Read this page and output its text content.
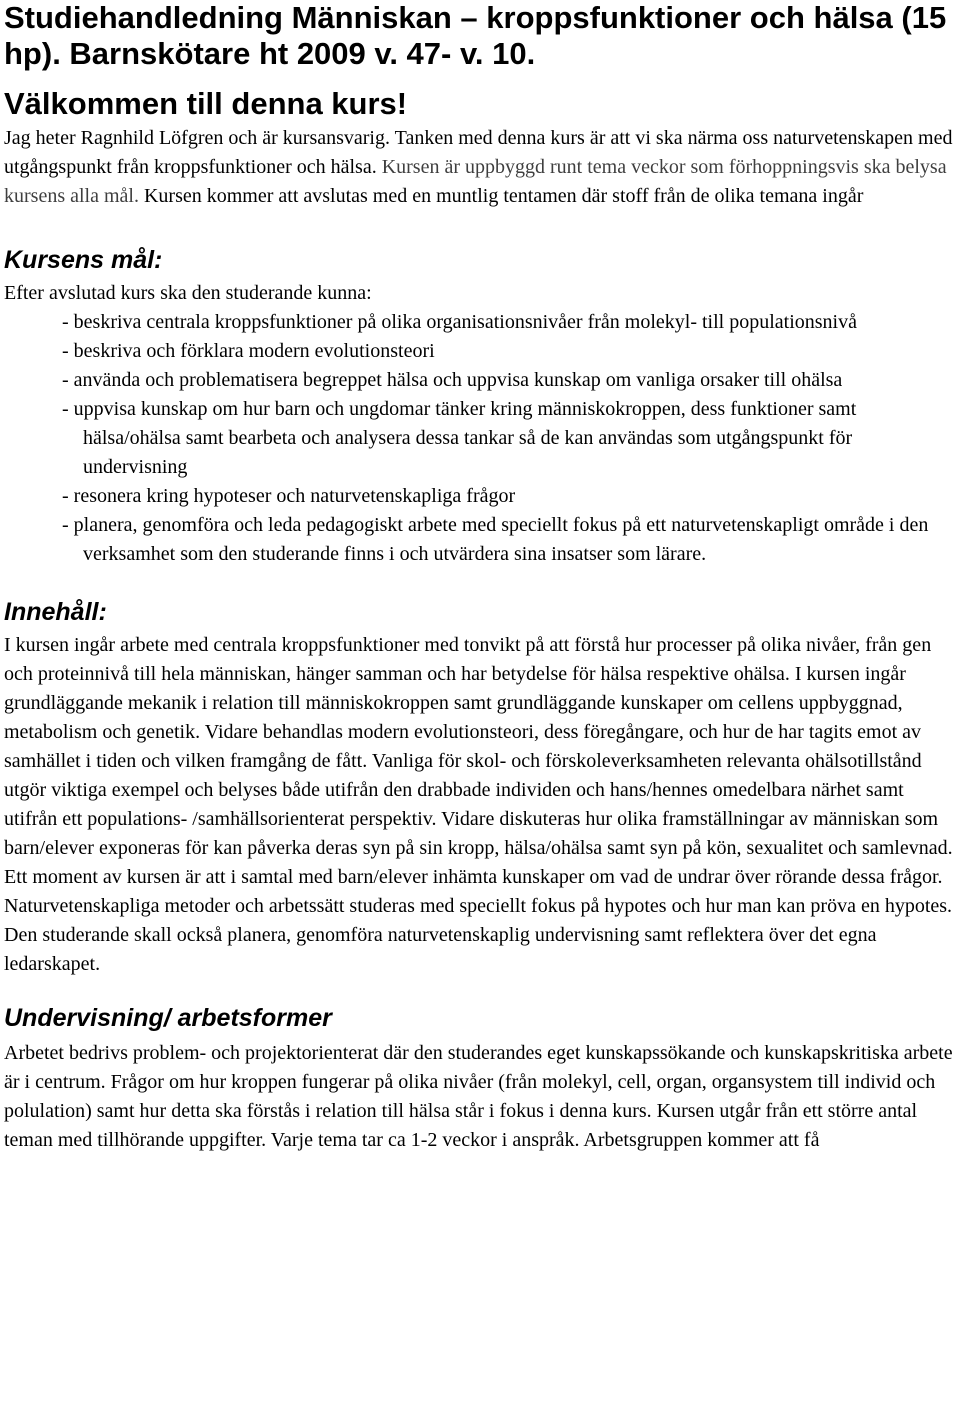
Studiehandledning Människan – kroppsfunktioner och hälsa (15 hp). Barnskötare ht 2009 v. 47- v. 10.
Välkommen till denna kurs!

Jag heter Ragnhild Löfgren och är kursansvarig. Tanken med denna kurs är att vi ska närma oss naturvetenskapen med utgångspunkt från kroppsfunktioner och hälsa. Kursen är uppbyggd runt tema veckor som förhoppningsvis ska belysa kursens alla mål. Kursen kommer att avslutas med en muntlig tentamen där stoff från de olika temana ingår

Kursens mål:

Efter avslutad kurs ska den studerande kunna:

- beskriva centrala kroppsfunktioner på olika organisationsnivåer från molekyl- till populationsnivå
- beskriva och förklara modern evolutionsteori
- använda och problematisera begreppet hälsa och uppvisa kunskap om vanliga orsaker till ohälsa
- uppvisa kunskap om hur barn och ungdomar tänker kring människokroppen, dess funktioner samt hälsa/ohälsa samt bearbeta och analysera dessa tankar så de kan användas som utgångspunkt för undervisning
- resonera kring hypoteser och naturvetenskapliga frågor
- planera, genomföra och leda pedagogiskt arbete med speciellt fokus på ett naturvetenskapligt område i den verksamhet som den studerande finns i och utvärdera sina insatser som lärare.
Innehåll:

I kursen ingår arbete med centrala kroppsfunktioner med tonvikt på att förstå hur processer på olika nivåer, från gen och proteinnivå till hela människan, hänger samman och har betydelse för hälsa respektive ohälsa. I kursen ingår grundläggande mekanik i relation till människokroppen samt grundläggande kunskaper om cellens uppbyggnad, metabolism och genetik. Vidare behandlas modern evolutionsteori, dess föregångare, och hur de har tagits emot av samhället i tiden och vilken framgång de fått. Vanliga för skol- och förskoleverksamheten relevanta ohälsotillstånd utgör viktiga exempel och belyses både utifrån den drabbade individen och hans/hennes omedelbara närhet samt utifrån ett populations- /samhällsorienterat perspektiv. Vidare diskuteras hur olika framställningar av människan som barn/elever exponeras för kan påverka deras syn på sin kropp, hälsa/ohälsa samt syn på kön, sexualitet och samlevnad. Ett moment av kursen är att i samtal med barn/elever inhämta kunskaper om vad de undrar över rörande dessa frågor. Naturvetenskapliga metoder och arbetssätt studeras med speciellt fokus på hypotes och hur man kan pröva en hypotes. Den studerande skall också planera, genomföra naturvetenskaplig undervisning samt reflektera över det egna ledarskapet.

Undervisning/ arbetsformer

Arbetet bedrivs problem- och projektorienterat där den studerandes eget kunskapssökande och kunskapskritiska arbete är i centrum. Frågor om hur kroppen fungerar på olika nivåer (från molekyl, cell, organ, organsystem till individ och polulation) samt hur detta ska förstås i relation till hälsa står i fokus i denna kurs. Kursen utgår från ett större antal teman med tillhörande uppgifter. Varje tema tar ca 1-2 veckor i anspråk. Arbetsgruppen kommer att få
